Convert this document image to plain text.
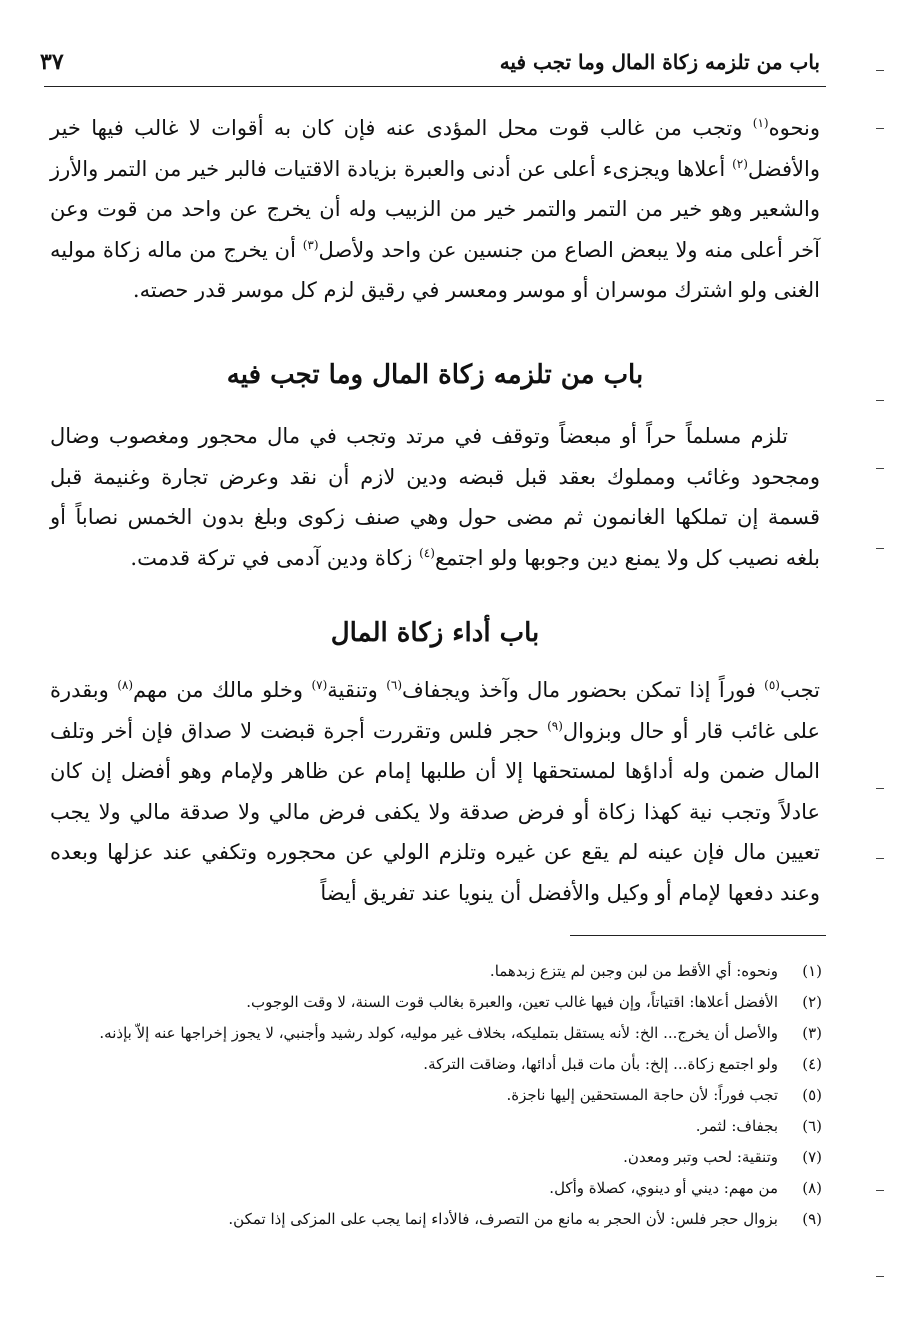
باب من تلزمه زكاة المال وما تجب فيه
٣٧

ونحوه$^{(١)}$ وتجب من غالب قوت محل المؤدى عنه فإن كان به أقوات لا غالب فيها خير والأفضل$^{(٢)}$ أعلاها ويجزىء أعلى عن أدنى والعبرة بزيادة الاقتيات فالبر خير من التمر والأرز والشعير وهو خير من التمر والتمر خير من الزبيب وله أن يخرج عن واحد من قوت وعن آخر أعلى منه ولا يبعض الصاع من جنسين عن واحد ولأصل$^{(٣)}$ أن يخرج من ماله زكاة موليه الغنى ولو اشترك موسران أو موسر ومعسر في رقيق لزم كل موسر قدر حصته.

باب من تلزمه زكاة المال وما تجب فيه

تلزم مسلماً حراً أو مبعضاً وتوقف في مرتد وتجب في مال محجور ومغصوب وضال ومجحود وغائب ومملوك بعقد قبل قبضه ودين لازم أن نقد وعرض تجارة وغنيمة قبل قسمة إن تملكها الغانمون ثم مضى حول وهي صنف زكوى وبلغ بدون الخمس نصاباً أو بلغه نصيب كل ولا يمنع دين وجوبها ولو اجتمع$^{(٤)}$ زكاة ودين آدمى في تركة قدمت.

باب أداء زكاة المال

تجب$^{(٥)}$ فوراً إذا تمكن بحضور مال وآخذ ويجفاف$^{(٦)}$ وتنقية$^{(٧)}$ وخلو مالك من مهم$^{(٨)}$ وبقدرة على غائب قار أو حال وبزوال$^{(٩)}$ حجر فلس وتقررت أجرة قبضت لا صداق فإن أخر وتلف المال ضمن وله أداؤها لمستحقها إلا أن طلبها إمام عن ظاهر ولإمام وهو أفضل إن كان عادلاً وتجب نية كهذا زكاة أو فرض صدقة ولا يكفى فرض مالي ولا صدقة مالي ولا يجب تعيين مال فإن عينه لم يقع عن غيره وتلزم الولي عن محجوره وتكفي عند عزلها وبعده وعند دفعها لإمام أو وكيل والأفضل أن ينويا عند تفريق أيضاً

(١)
ونحوه: أي الأقط من لبن وجبن لم يتزع زبدهما.
(٢)
الأفضل أعلاها: اقتياتاً، وإن فيها غالب تعين، والعبرة بغالب قوت السنة، لا وقت الوجوب.
(٣)
والأصل أن يخرج... الخ: لأنه يستقل بتمليكه، بخلاف غير موليه، كولد رشيد وأجنبي، لا يجوز إخراجها عنه إلاّ بإذنه.
(٤)
ولو اجتمع زكاة... إلخ: بأن مات قبل أدائها، وضاقت التركة.
(٥)
تجب فوراً: لأن حاجة المستحقين إليها ناجزة.
(٦)
بجفاف: لثمر.
(٧)
وتنقية: لحب وتبر ومعدن.
(٨)
من مهم: ديني أو دينوي، كصلاة وأكل.
(٩)
بزوال حجر فلس: لأن الحجر به مانع من التصرف، فالأداء إنما يجب على المزكى إذا تمكن.
